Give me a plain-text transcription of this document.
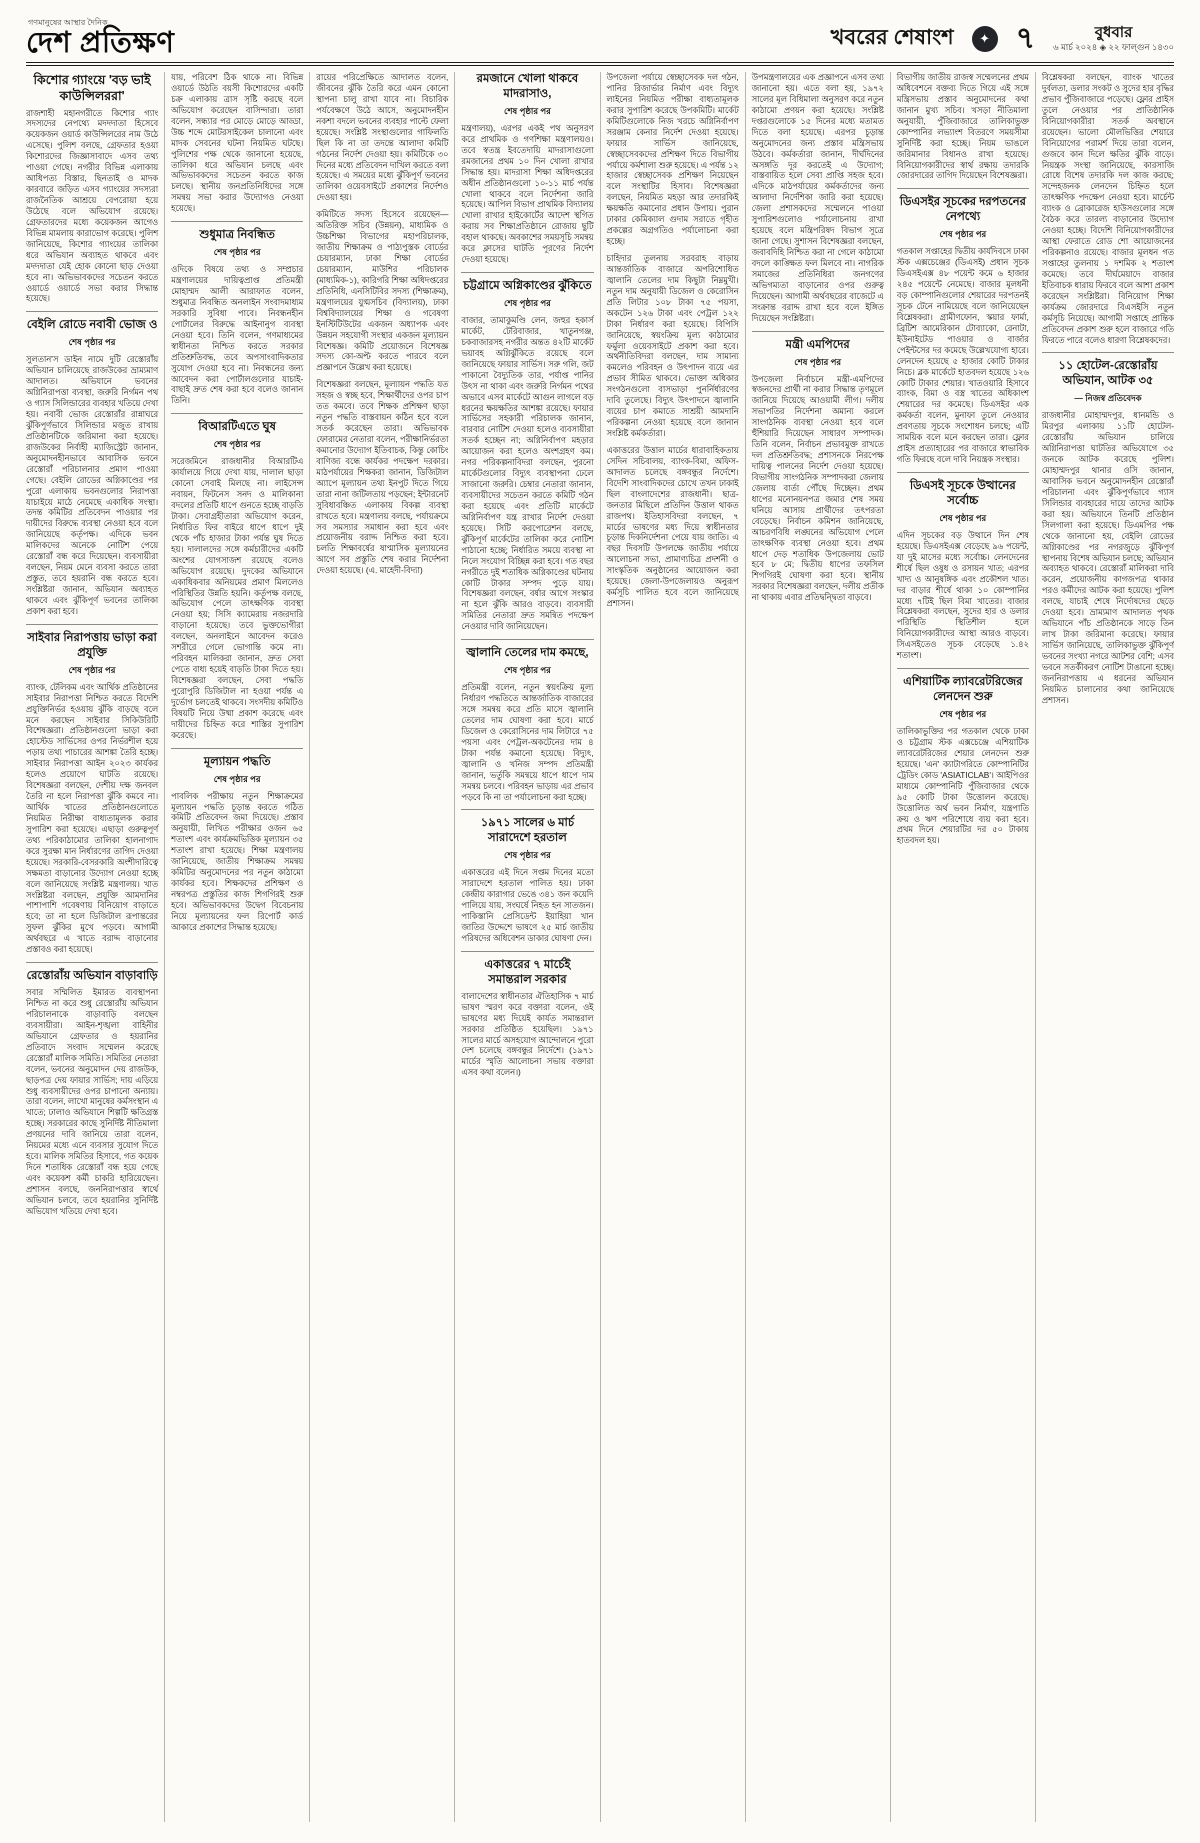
গণমানুষের আস্থার দৈনিক
দেশ প্রতিক্ষণ	খবরের শেষাংশ	✦ ৭	বুধবার
৬ মার্চ ২০২৪ ◈ ২২ ফাল্গুন ১৪৩০
কিশোর গ্যাংয়ে 'বড় ভাই কাউন্সিলররা'

রাজশাহী মহানগরীতে কিশোর গ্যাং সদস্যদের নেপথ্যে মদদদাতা হিসেবে কয়েকজন ওয়ার্ড কাউন্সিলরের নাম উঠে এসেছে। পুলিশ বলছে, গ্রেফতার হওয়া কিশোরদের জিজ্ঞাসাবাদে এসব তথ্য পাওয়া গেছে। নগরীর বিভিন্ন এলাকায় আধিপত্য বিস্তার, ছিনতাই ও মাদক কারবারে জড়িত এসব গ্যাংয়ের সদস্যরা রাজনৈতিক আশ্রয়ে বেপরোয়া হয়ে উঠেছে বলে অভিযোগ রয়েছে। গ্রেফতারদের মধ্যে কয়েকজন আগেও বিভিন্ন মামলায় কারাভোগ করেছে। পুলিশ জানিয়েছে, কিশোর গ্যাংয়ের তালিকা ধরে অভিযান অব্যাহত থাকবে এবং মদদদাতা যেই হোক কোনো ছাড় দেওয়া হবে না। অভিভাবকদের সচেতন করতে ওয়ার্ডে ওয়ার্ডে সভা করার সিদ্ধান্ত হয়েছে।

বেইলি রোডে নবাবী ভোজ ও

শেষ পৃষ্ঠার পর

সুলতান'স ডাইন নামে দুটি রেস্তোরাঁয় অভিযান চালিয়েছে রাজউকের ভ্রাম্যমাণ আদালত। অভিযানে ভবনের অগ্নিনিরাপত্তা ব্যবস্থা, জরুরি নির্গমন পথ ও গ্যাস সিলিন্ডারের ব্যবহার খতিয়ে দেখা হয়। নবাবী ভোজ রেস্তোরাঁর রান্নাঘরে ঝুঁকিপূর্ণভাবে সিলিন্ডার মজুত রাখায় প্রতিষ্ঠানটিকে জরিমানা করা হয়েছে। রাজউকের নির্বাহী ম্যাজিস্ট্রেট জানান, অনুমোদনহীনভাবে আবাসিক ভবনে রেস্তোরাঁ পরিচালনার প্রমাণ পাওয়া গেছে। বেইলি রোডের অগ্নিকাণ্ডের পর পুরো এলাকায় ভবনগুলোর নিরাপত্তা যাচাইয়ে মাঠে নেমেছে একাধিক সংস্থা। তদন্ত কমিটির প্রতিবেদন পাওয়ার পর দায়ীদের বিরুদ্ধে ব্যবস্থা নেওয়া হবে বলে জানিয়েছে কর্তৃপক্ষ। এদিকে ভবন মালিকদের অনেকে নোটিশ পেয়ে রেস্তোরাঁ বন্ধ করে দিয়েছেন। ব্যবসায়ীরা বলছেন, নিয়ম মেনে ব্যবসা করতে তারা প্রস্তুত, তবে হয়রানি বন্ধ করতে হবে। সংশ্লিষ্টরা জানান, অভিযান অব্যাহত থাকবে এবং ঝুঁকিপূর্ণ ভবনের তালিকা প্রকাশ করা হবে।

সাইবার নিরাপত্তায় ভাড়া করা প্রযুক্তি

শেষ পৃষ্ঠার পর

ব্যাংক, টেলিকম এবং আর্থিক প্রতিষ্ঠানের সাইবার নিরাপত্তা নিশ্চিত করতে বিদেশি প্রযুক্তিনির্ভর হওয়ায় ঝুঁকি বাড়ছে বলে মনে করছেন সাইবার সিকিউরিটি বিশেষজ্ঞরা। প্রতিষ্ঠানগুলো ভাড়া করা হোস্টেড সার্ভিসের ওপর নির্ভরশীল হয়ে পড়ায় তথ্য পাচারের আশঙ্কা তৈরি হচ্ছে। সাইবার নিরাপত্তা আইন ২০২৩ কার্যকর হলেও প্রয়োগে ঘাটতি রয়েছে। বিশেষজ্ঞরা বলছেন, দেশীয় দক্ষ জনবল তৈরি না হলে নিরাপত্তা ঝুঁকি কমবে না। আর্থিক খাতের প্রতিষ্ঠানগুলোতে নিয়মিত নিরীক্ষা বাধ্যতামূলক করার সুপারিশ করা হয়েছে। এছাড়া গুরুত্বপূর্ণ তথ্য পরিকাঠামোর তালিকা হালনাগাদ করে সুরক্ষা মান নির্ধারণের তাগিদ দেওয়া হয়েছে। সরকারি-বেসরকারি অংশীদারিত্বে সক্ষমতা বাড়ানোর উদ্যোগ নেওয়া হচ্ছে বলে জানিয়েছে সংশ্লিষ্ট মন্ত্রণালয়। খাত সংশ্লিষ্টরা বলছেন, প্রযুক্তি আমদানির পাশাপাশি গবেষণায় বিনিয়োগ বাড়াতে হবে; তা না হলে ডিজিটাল রূপান্তরের সুফল ঝুঁকির মুখে পড়বে। আগামী অর্থবছরে এ খাতে বরাদ্দ বাড়ানোর প্রস্তাবও করা হয়েছে।

রেস্তোরাঁয় অভিযান বাড়াবাড়ি

সবার সম্মিলিত ইমারত ব্যবস্থাপনা নিশ্চিত না করে শুধু রেস্তোরাঁয় অভিযান পরিচালনাকে বাড়াবাড়ি বলছেন ব্যবসায়ীরা। আইন-শৃঙ্খলা বাহিনীর অভিযানে গ্রেফতার ও হয়রানির প্রতিবাদে সংবাদ সম্মেলন করেছে রেস্তোরাঁ মালিক সমিতি। সমিতির নেতারা বলেন, ভবনের অনুমোদন দেয় রাজউক, ছাড়পত্র দেয় ফায়ার সার্ভিস; দায় এড়িয়ে শুধু ব্যবসায়ীদের ওপর চাপানো অন্যায়। তারা বলেন, লাখো মানুষের কর্মসংস্থান এ খাতে; ঢালাও অভিযানে শিল্পটি ক্ষতিগ্রস্ত হচ্ছে। সরকারের কাছে সুনির্দিষ্ট নীতিমালা প্রণয়নের দাবি জানিয়ে তারা বলেন, নিয়মের মধ্যে এনে ব্যবসার সুযোগ দিতে হবে। মালিক সমিতির হিসাবে, গত কয়েক দিনে শতাধিক রেস্তোরাঁ বন্ধ হয়ে গেছে এবং কয়েকশ কর্মী চাকরি হারিয়েছেন। প্রশাসন বলছে, জননিরাপত্তার স্বার্থে অভিযান চলবে, তবে হয়রানির সুনির্দিষ্ট অভিযোগ খতিয়ে দেখা হবে।

যায়, পরিবেশ ঠিক থাকে না। বিভিন্ন ওয়ার্ডে উঠতি বয়সী কিশোরদের একটি চক্র এলাকায় ত্রাস সৃষ্টি করছে বলে অভিযোগ করেছেন বাসিন্দারা। তারা বলেন, সন্ধ্যার পর মোড়ে মোড়ে আড্ডা, উচ্চ শব্দে মোটরসাইকেল চালানো এবং মাদক সেবনের ঘটনা নিয়মিত ঘটছে। পুলিশের পক্ষ থেকে জানানো হয়েছে, তালিকা ধরে অভিযান চলছে এবং অভিভাবকদের সচেতন করতে কাজ চলছে। স্থানীয় জনপ্রতিনিধিদের সঙ্গে সমন্বয় সভা করার উদ্যোগও নেওয়া হয়েছে।

শুধুমাত্র নিবন্ধিত

শেষ পৃষ্ঠার পর

ওদিকে বিষয়ে তথ্য ও সম্প্রচার মন্ত্রণালয়ের দায়িত্বপ্রাপ্ত প্রতিমন্ত্রী মোহাম্মদ আলী আরাফাত বলেন, শুধুমাত্র নিবন্ধিত অনলাইন সংবাদমাধ্যম সরকারি সুবিধা পাবে। নিবন্ধনহীন পোর্টালের বিরুদ্ধে আইনানুগ ব্যবস্থা নেওয়া হবে। তিনি বলেন, গণমাধ্যমের স্বাধীনতা নিশ্চিত করতে সরকার প্রতিশ্রুতিবদ্ধ, তবে অপসাংবাদিকতার সুযোগ দেওয়া হবে না। নিবন্ধনের জন্য আবেদন করা পোর্টালগুলোর যাচাই-বাছাই দ্রুত শেষ করা হবে বলেও জানান তিনি।

বিআরটিএতে ঘুষ

শেষ পৃষ্ঠার পর

সরেজমিনে রাজধানীর বিআরটিএ কার্যালয়ে গিয়ে দেখা যায়, দালাল ছাড়া কোনো সেবাই মিলছে না। লাইসেন্স নবায়ন, ফিটনেস সনদ ও মালিকানা বদলের প্রতিটি ধাপে গুনতে হচ্ছে বাড়তি টাকা। সেবাগ্রহীতারা অভিযোগ করেন, নির্ধারিত ফির বাইরে ধাপে ধাপে দুই থেকে পাঁচ হাজার টাকা পর্যন্ত ঘুষ দিতে হয়। দালালদের সঙ্গে কর্মচারীদের একটি অংশের যোগসাজশ রয়েছে বলেও অভিযোগ রয়েছে। দুদকের অভিযানে একাধিকবার অনিয়মের প্রমাণ মিললেও পরিস্থিতির উন্নতি হয়নি। কর্তৃপক্ষ বলছে, অভিযোগ পেলে তাৎক্ষণিক ব্যবস্থা নেওয়া হয়; সিসি ক্যামেরায় নজরদারি বাড়ানো হয়েছে। তবে ভুক্তভোগীরা বলছেন, অনলাইনে আবেদন করেও সশরীরে গেলে ভোগান্তি কমে না। পরিবহন মালিকরা জানান, দ্রুত সেবা পেতে বাধ্য হয়েই বাড়তি টাকা দিতে হয়। বিশেষজ্ঞরা বলছেন, সেবা পদ্ধতি পুরোপুরি ডিজিটাল না হওয়া পর্যন্ত এ দুর্ভোগ চলতেই থাকবে। সংসদীয় কমিটিও বিষয়টি নিয়ে উষ্মা প্রকাশ করেছে এবং দায়ীদের চিহ্নিত করে শাস্তির সুপারিশ করেছে।

মূল্যায়ন পদ্ধতি

শেষ পৃষ্ঠার পর

পাবলিক পরীক্ষায় নতুন শিক্ষাক্রমের মূল্যায়ন পদ্ধতি চূড়ান্ত করতে গঠিত কমিটি প্রতিবেদন জমা দিয়েছে। প্রস্তাব অনুযায়ী, লিখিত পরীক্ষার ওজন ৬৫ শতাংশ এবং কার্যক্রমভিত্তিক মূল্যায়ন ৩৫ শতাংশ রাখা হয়েছে। শিক্ষা মন্ত্রণালয় জানিয়েছে, জাতীয় শিক্ষাক্রম সমন্বয় কমিটির অনুমোদনের পর নতুন কাঠামো কার্যকর হবে। শিক্ষকদের প্রশিক্ষণ ও নম্বরপত্র প্রস্তুতির কাজ শিগগিরই শুরু হবে। অভিভাবকদের উদ্বেগ বিবেচনায় নিয়ে মূল্যায়নের ফল রিপোর্ট কার্ড আকারে প্রকাশের সিদ্ধান্ত হয়েছে।

রায়ের পরিপ্রেক্ষিতে আদালত বলেন, জীবনের ঝুঁকি তৈরি করে এমন কোনো স্থাপনা চালু রাখা যাবে না। বিচারিক পর্যবেক্ষণে উঠে আসে, অনুমোদনহীন নকশা বদলে ভবনের ব্যবহার পাল্টে ফেলা হয়েছে। সংশ্লিষ্ট সংস্থাগুলোর গাফিলতি ছিল কি না তা তদন্তে আলাদা কমিটি গঠনের নির্দেশ দেওয়া হয়। কমিটিকে ৩০ দিনের মধ্যে প্রতিবেদন দাখিল করতে বলা হয়েছে। এ সময়ের মধ্যে ঝুঁকিপূর্ণ ভবনের তালিকা ওয়েবসাইটে প্রকাশের নির্দেশও দেওয়া হয়।

কমিটিতে সদস্য হিসেবে রয়েছেন— অতিরিক্ত সচিব (উন্নয়ন), মাধ্যমিক ও উচ্চশিক্ষা বিভাগের মহাপরিচালক, জাতীয় শিক্ষাক্রম ও পাঠ্যপুস্তক বোর্ডের চেয়ারম্যান, ঢাকা শিক্ষা বোর্ডের চেয়ারম্যান, মাউশির পরিচালক (মাধ্যমিক-১), কারিগরি শিক্ষা অধিদপ্তরের প্রতিনিধি, এনসিটিবির সদস্য (শিক্ষাক্রম), মন্ত্রণালয়ের যুগ্মসচিব (বিদ্যালয়), ঢাকা বিশ্ববিদ্যালয়ের শিক্ষা ও গবেষণা ইনস্টিটিউটের একজন অধ্যাপক এবং উন্নয়ন সহযোগী সংস্থার একজন মূল্যায়ন বিশেষজ্ঞ। কমিটি প্রয়োজনে বিশেষজ্ঞ সদস্য কো-অপ্ট করতে পারবে বলে প্রজ্ঞাপনে উল্লেখ করা হয়েছে।

বিশেষজ্ঞরা বলছেন, মূল্যায়ন পদ্ধতি যত সহজ ও স্বচ্ছ হবে, শিক্ষার্থীদের ওপর চাপ তত কমবে। তবে শিক্ষক প্রশিক্ষণ ছাড়া নতুন পদ্ধতি বাস্তবায়ন কঠিন হবে বলে সতর্ক করেছেন তারা। অভিভাবক ফোরামের নেতারা বলেন, পরীক্ষানির্ভরতা কমানোর উদ্যোগ ইতিবাচক, কিন্তু কোচিং বাণিজ্য বন্ধে কার্যকর পদক্ষেপ দরকার। মাঠপর্যায়ের শিক্ষকরা জানান, ডিজিটাল অ্যাপে মূল্যায়ন তথ্য ইনপুট দিতে গিয়ে তারা নানা জটিলতায় পড়ছেন; ইন্টারনেট সুবিধাবঞ্চিত এলাকায় বিকল্প ব্যবস্থা রাখতে হবে। মন্ত্রণালয় বলছে, পর্যায়ক্রমে সব সমস্যার সমাধান করা হবে এবং প্রয়োজনীয় বরাদ্দ নিশ্চিত করা হবে। চলতি শিক্ষাবর্ষের ষাণ্মাসিক মূল্যায়নের আগে সব প্রস্তুতি শেষ করার নির্দেশনা দেওয়া হয়েছে। (এ. মাহেদী-বিদ্যা)

রমজানে খোলা থাকবে মাদরাসাও,

শেষ পৃষ্ঠার পর

মন্ত্রণালয়), এরপর একই পথ অনুসরণ করে প্রাথমিক ও গণশিক্ষা মন্ত্রণালয়ও। তবে স্বতন্ত্র ইবতেদায়ি মাদরাসাগুলো রমজানের প্রথম ১০ দিন খোলা রাখার সিদ্ধান্ত হয়। মাদরাসা শিক্ষা অধিদপ্তরের অধীন প্রতিষ্ঠানগুলো ১০-১১ মার্চ পর্যন্ত খোলা থাকবে বলে নির্দেশনা জারি হয়েছে। আপিল বিভাগ প্রাথমিক বিদ্যালয় খোলা রাখার হাইকোর্টের আদেশ স্থগিত করায় সব শিক্ষাপ্রতিষ্ঠানে রোজায় ছুটি বহাল থাকছে। অবকাশের সময়সূচি সমন্বয় করে ক্লাসের ঘাটতি পূরণের নির্দেশ দেওয়া হয়েছে।

চট্টগ্রামে অগ্নিকাণ্ডের ঝুঁকিতে

শেষ পৃষ্ঠার পর

বাজার, তামাকুমণ্ডি লেন, জহুর হকার্স মার্কেট, টেরিবাজার, খাতুনগঞ্জ, চকবাজারসহ নগরীর অন্তত ৪২টি মার্কেট ভয়াবহ অগ্নিঝুঁকিতে রয়েছে বলে জানিয়েছে ফায়ার সার্ভিস। সরু গলি, জট পাকানো বৈদ্যুতিক তার, পর্যাপ্ত পানির উৎস না থাকা এবং জরুরি নির্গমন পথের অভাবে এসব মার্কেটে আগুন লাগলে বড় ধরনের ক্ষয়ক্ষতির আশঙ্কা রয়েছে। ফায়ার সার্ভিসের সহকারী পরিচালক জানান, বারবার নোটিশ দেওয়া হলেও ব্যবসায়ীরা সতর্ক হচ্ছেন না; অগ্নিনির্বাপণ মহড়ার আয়োজন করা হলেও অংশগ্রহণ কম। নগর পরিকল্পনাবিদরা বলছেন, পুরনো মার্কেটগুলোর বিদ্যুৎ ব্যবস্থাপনা ঢেলে সাজানো জরুরি। চেম্বার নেতারা জানান, ব্যবসায়ীদের সচেতন করতে কমিটি গঠন করা হয়েছে এবং প্রতিটি মার্কেটে অগ্নিনির্বাপণ যন্ত্র রাখার নির্দেশ দেওয়া হয়েছে। সিটি করপোরেশন বলছে, ঝুঁকিপূর্ণ মার্কেটের তালিকা করে নোটিশ পাঠানো হচ্ছে; নির্ধারিত সময়ে ব্যবস্থা না নিলে সংযোগ বিচ্ছিন্ন করা হবে। গত বছর নগরীতে দুই শতাধিক অগ্নিকাণ্ডের ঘটনায় কোটি টাকার সম্পদ পুড়ে যায়। বিশেষজ্ঞরা বলছেন, বর্ষার আগে সংস্কার না হলে ঝুঁকি আরও বাড়বে। ব্যবসায়ী সমিতির নেতারা দ্রুত সমন্বিত পদক্ষেপ নেওয়ার দাবি জানিয়েছেন।

জ্বালানি তেলের দাম কমছে,

শেষ পৃষ্ঠার পর

প্রতিমন্ত্রী বলেন, নতুন স্বয়ংক্রিয় মূল্য নির্ধারণ পদ্ধতিতে আন্তর্জাতিক বাজারের সঙ্গে সমন্বয় করে প্রতি মাসে জ্বালানি তেলের দাম ঘোষণা করা হবে। মার্চে ডিজেল ও কেরোসিনের দাম লিটারে ৭৫ পয়সা এবং পেট্রল-অকটেনের দাম ৪ টাকা পর্যন্ত কমানো হয়েছে। বিদ্যুৎ, জ্বালানি ও খনিজ সম্পদ প্রতিমন্ত্রী জানান, ভর্তুকি সমন্বয়ে ধাপে ধাপে দাম সমন্বয় চলবে। পরিবহন ভাড়ায় এর প্রভাব পড়বে কি না তা পর্যালোচনা করা হচ্ছে।

১৯৭১ সালের ৬ মার্চ সারাদেশে হরতাল

শেষ পৃষ্ঠার পর

একাত্তরের এই দিনে সপ্তম দিনের মতো সারাদেশে হরতাল পালিত হয়। ঢাকা কেন্দ্রীয় কারাগার ভেঙে ৩৪১ জন কয়েদি পালিয়ে যায়, সংঘর্ষে নিহত হন সাতজন। পাকিস্তানি প্রেসিডেন্ট ইয়াহিয়া খান জাতির উদ্দেশে ভাষণে ২৫ মার্চ জাতীয় পরিষদের অধিবেশন ডাকার ঘোষণা দেন।

একাত্তরের ৭ মার্চেই সমান্তরাল সরকার

বালাদেশের স্বাধীনতার ঐতিহাসিক ৭ মার্চ ভাষণ স্মরণ করে বক্তারা বলেন, ওই ভাষণের মধ্য দিয়েই কার্যত সমান্তরাল সরকার প্রতিষ্ঠিত হয়েছিল। ১৯৭১ সালের মার্চে অসহযোগ আন্দোলনে পুরো দেশ চলেছে বঙ্গবন্ধুর নির্দেশে। (১৯৭১ মার্চের স্মৃতি আলোচনা সভায় বক্তারা এসব কথা বলেন।)

উপজেলা পর্যায়ে স্বেচ্ছাসেবক দল গঠন, পানির রিজার্ভার নির্মাণ এবং বিদ্যুৎ লাইনের নিয়মিত পরীক্ষা বাধ্যতামূলক করার সুপারিশ করেছে উপকমিটি। মার্কেট কমিটিগুলোকে নিজ খরচে অগ্নিনির্বাপণ সরঞ্জাম কেনার নির্দেশ দেওয়া হয়েছে। ফায়ার সার্ভিস জানিয়েছে, স্বেচ্ছাসেবকদের প্রশিক্ষণ দিতে বিভাগীয় পর্যায়ে কর্মশালা শুরু হয়েছে। এ পর্যন্ত ১২ হাজার স্বেচ্ছাসেবক প্রশিক্ষণ নিয়েছেন বলে সংস্থাটির হিসাব। বিশেষজ্ঞরা বলছেন, নিয়মিত মহড়া আর তদারকিই ক্ষয়ক্ষতি কমানোর প্রধান উপায়। পুরান ঢাকার কেমিক্যাল গুদাম সরাতে গৃহীত প্রকল্পের অগ্রগতিও পর্যালোচনা করা হচ্ছে।

চাহিদার তুলনায় সরবরাহ বাড়ায় আন্তর্জাতিক বাজারে অপরিশোধিত জ্বালানি তেলের দাম কিছুটা নিম্নমুখী। নতুন দাম অনুযায়ী ডিজেল ও কেরোসিন প্রতি লিটার ১০৮ টাকা ৭৫ পয়সা, অকটেন ১২৬ টাকা এবং পেট্রল ১২২ টাকা নির্ধারণ করা হয়েছে। বিপিসি জানিয়েছে, স্বয়ংক্রিয় মূল্য কাঠামোর ফর্মুলা ওয়েবসাইটে প্রকাশ করা হবে। অর্থনীতিবিদরা বলছেন, দাম সামান্য কমলেও পরিবহন ও উৎপাদন ব্যয়ে এর প্রভাব সীমিত থাকবে। ভোক্তা অধিকার সংগঠনগুলো বাসভাড়া পুনর্নির্ধারণের দাবি তুলেছে। বিদ্যুৎ উৎপাদনে জ্বালানি ব্যয়ের চাপ কমাতে সাশ্রয়ী আমদানি পরিকল্পনা নেওয়া হয়েছে বলে জানান সংশ্লিষ্ট কর্মকর্তারা।

একাত্তরের উত্তাল মার্চের ধারাবাহিকতায় সেদিন সচিবালয়, ব্যাংক-বিমা, অফিস-আদালত চলেছে বঙ্গবন্ধুর নির্দেশে। বিদেশি সাংবাদিকদের চোখে তখন ঢাকাই ছিল বাংলাদেশের রাজধানী। ছাত্র-জনতার মিছিলে প্রতিদিন উত্তাল থাকত রাজপথ। ইতিহাসবিদরা বলছেন, ৭ মার্চের ভাষণের মধ্য দিয়ে স্বাধীনতার চূড়ান্ত দিকনির্দেশনা পেয়ে যায় জাতি। এ বছর দিবসটি উপলক্ষে জাতীয় পর্যায়ে আলোচনা সভা, প্রামাণ্যচিত্র প্রদর্শনী ও সাংস্কৃতিক অনুষ্ঠানের আয়োজন করা হয়েছে। জেলা-উপজেলায়ও অনুরূপ কর্মসূচি পালিত হবে বলে জানিয়েছে প্রশাসন।

উপমন্ত্রণালয়ের এক প্রজ্ঞাপনে এসব তথ্য জানানো হয়। এতে বলা হয়, ১৯৭২ সালের মূল বিধিমালা অনুসরণ করে নতুন কাঠামো প্রণয়ন করা হয়েছে। সংশ্লিষ্ট দপ্তরগুলোকে ১৫ দিনের মধ্যে মতামত দিতে বলা হয়েছে। এরপর চূড়ান্ত অনুমোদনের জন্য প্রস্তাব মন্ত্রিসভায় উঠবে। কর্মকর্তারা জানান, দীর্ঘদিনের অসঙ্গতি দূর করতেই এ উদ্যোগ; বাস্তবায়িত হলে সেবা প্রাপ্তি সহজ হবে। এদিকে মাঠপর্যায়ের কর্মকর্তাদের জন্য আলাদা নির্দেশিকা জারি করা হয়েছে। জেলা প্রশাসকদের সম্মেলনে পাওয়া সুপারিশগুলোও পর্যালোচনায় রাখা হয়েছে বলে মন্ত্রিপরিষদ বিভাগ সূত্রে জানা গেছে। সুশাসন বিশেষজ্ঞরা বলছেন, জবাবদিহি নিশ্চিত করা না গেলে কাঠামো বদলে কাঙ্ক্ষিত ফল মিলবে না। নাগরিক সমাজের প্রতিনিধিরা জনগণের অভিগম্যতা বাড়ানোর ওপর গুরুত্ব দিয়েছেন। আগামী অর্থবছরের বাজেটে এ সংক্রান্ত বরাদ্দ রাখা হবে বলে ইঙ্গিত দিয়েছেন সংশ্লিষ্টরা।

মন্ত্রী এমপিদের

শেষ পৃষ্ঠার পর

উপজেলা নির্বাচনে মন্ত্রী-এমপিদের স্বজনদের প্রার্থী না করার সিদ্ধান্ত তৃণমূলে জানিয়ে দিয়েছে আওয়ামী লীগ। দলীয় সভাপতির নির্দেশনা অমান্য করলে সাংগঠনিক ব্যবস্থা নেওয়া হবে বলে হুঁশিয়ারি দিয়েছেন সাধারণ সম্পাদক। তিনি বলেন, নির্বাচন প্রভাবমুক্ত রাখতে দল প্রতিশ্রুতিবদ্ধ; প্রশাসনকে নিরপেক্ষ দায়িত্ব পালনের নির্দেশ দেওয়া হয়েছে। বিভাগীয় সাংগঠনিক সম্পাদকরা জেলায় জেলায় বার্তা পৌঁছে দিচ্ছেন। প্রথম ধাপের মনোনয়নপত্র জমার শেষ সময় ঘনিয়ে আসায় প্রার্থীদের তৎপরতা বেড়েছে। নির্বাচন কমিশন জানিয়েছে, আচরণবিধি লঙ্ঘনের অভিযোগ পেলে তাৎক্ষণিক ব্যবস্থা নেওয়া হবে। প্রথম ধাপে দেড় শতাধিক উপজেলায় ভোট হবে ৮ মে; দ্বিতীয় ধাপের তফসিল শিগগিরই ঘোষণা করা হবে। স্থানীয় সরকার বিশেষজ্ঞরা বলছেন, দলীয় প্রতীক না থাকায় এবার প্রতিদ্বন্দ্বিতা বাড়বে।

বিভাগীয় জাতীয় রাজস্ব সম্মেলনের প্রথম অধিবেশনে বক্তব্য দিতে গিয়ে এই সঙ্গে মন্ত্রিসভায় প্রস্তাব অনুমোদনের কথা জানান মুখ্য সচিব। খসড়া নীতিমালা অনুযায়ী, পুঁজিবাজারে তালিকাভুক্ত কোম্পানির লভ্যাংশ বিতরণে সময়সীমা সুনির্দিষ্ট করা হচ্ছে। নিয়ম ভাঙলে জরিমানার বিধানও রাখা হয়েছে। বিনিয়োগকারীদের স্বার্থ রক্ষায় তদারকি জোরদারের তাগিদ দিয়েছেন বিশেষজ্ঞরা।

ডিএসইর সূচকের দরপতনের নেপথ্যে

শেষ পৃষ্ঠার পর

গতকাল সপ্তাহের দ্বিতীয় কার্যদিবসে ঢাকা স্টক এক্সচেঞ্জের (ডিএসই) প্রধান সূচক ডিএসইএক্স ৪৮ পয়েন্ট কমে ৬ হাজার ২৪৫ পয়েন্টে নেমেছে। বাজার মূলধনী বড় কোম্পানিগুলোর শেয়ারের দরপতনই সূচক টেনে নামিয়েছে বলে জানিয়েছেন বিশ্লেষকরা। গ্রামীণফোন, স্কয়ার ফার্মা, ব্রিটিশ আমেরিকান টোব্যাকো, রেনাটা, ইউনাইটেড পাওয়ার ও বার্জার পেইন্টসের দর কমেছে উল্লেখযোগ্য হারে। লেনদেন হয়েছে ৫ হাজার কোটি টাকার নিচে। ব্লক মার্কেটে হাতবদল হয়েছে ১২৬ কোটি টাকার শেয়ার। খাতওয়ারি হিসাবে ব্যাংক, বিমা ও বস্ত্র খাতের অধিকাংশ শেয়ারের দর কমেছে। ডিএসইর এক কর্মকর্তা বলেন, মুনাফা তুলে নেওয়ার প্রবণতায় সূচকে সংশোধন চলছে; এটি সাময়িক বলে মনে করছেন তারা। ফ্লোর প্রাইস প্রত্যাহারের পর বাজারে স্বাভাবিক গতি ফিরছে বলে দাবি নিয়ন্ত্রক সংস্থার।

ডিএসই সূচকে উত্থানের সর্বোচ্চ

শেষ পৃষ্ঠার পর

এদিন সূচকের বড় উত্থানে দিন শেষ হয়েছে। ডিএসইএক্স বেড়েছে ৯৬ পয়েন্ট, যা দুই মাসের মধ্যে সর্বোচ্চ। লেনদেনের শীর্ষে ছিল ওষুধ ও রসায়ন খাত; এরপর খাদ্য ও আনুষঙ্গিক এবং প্রকৌশল খাত। দর বাড়ার শীর্ষে থাকা ১০ কোম্পানির মধ্যে ৭টিই ছিল বিমা খাতের। বাজার বিশ্লেষকরা বলছেন, সুদের হার ও ডলার পরিস্থিতি স্থিতিশীল হলে বিনিয়োগকারীদের আস্থা আরও বাড়বে। সিএসইতেও সূচক বেড়েছে ১.৪২ শতাংশ।

এশিয়াটিক ল্যাবরেটরিজের লেনদেন শুরু

শেষ পৃষ্ঠার পর

তালিকাভুক্তির পর গতকাল থেকে ঢাকা ও চট্টগ্রাম স্টক এক্সচেঞ্জে এশিয়াটিক ল্যাবরেটরিজের শেয়ার লেনদেন শুরু হয়েছে। 'এন' ক্যাটাগরিতে কোম্পানিটির ট্রেডিং কোড 'ASIATICLAB'। আইপিওর মাধ্যমে কোম্পানিটি পুঁজিবাজার থেকে ৯৫ কোটি টাকা উত্তোলন করেছে। উত্তোলিত অর্থ ভবন নির্মাণ, যন্ত্রপাতি ক্রয় ও ঋণ পরিশোধে ব্যয় করা হবে। প্রথম দিনে শেয়ারটির দর ৫০ টাকায় হাতবদল হয়।

বিশ্লেষকরা বলছেন, ব্যাংক খাতের দুর্বলতা, ডলার সংকট ও সুদের হার বৃদ্ধির প্রভাব পুঁজিবাজারে পড়েছে। ফ্লোর প্রাইস তুলে নেওয়ার পর প্রাতিষ্ঠানিক বিনিয়োগকারীরা সতর্ক অবস্থানে রয়েছেন। ভালো মৌলভিত্তির শেয়ারে বিনিয়োগের পরামর্শ দিয়ে তারা বলেন, গুজবে কান দিলে ক্ষতির ঝুঁকি বাড়ে। নিয়ন্ত্রক সংস্থা জানিয়েছে, কারসাজি রোধে বিশেষ তদারকি দল কাজ করছে; সন্দেহজনক লেনদেন চিহ্নিত হলে তাৎক্ষণিক পদক্ষেপ নেওয়া হবে। মার্চেন্ট ব্যাংক ও ব্রোকারেজ হাউসগুলোর সঙ্গে বৈঠক করে তারল্য বাড়ানোর উদ্যোগ নেওয়া হচ্ছে। বিদেশি বিনিয়োগকারীদের আস্থা ফেরাতে রোড শো আয়োজনের পরিকল্পনাও রয়েছে। বাজার মূলধন গত সপ্তাহের তুলনায় ১ দশমিক ২ শতাংশ কমেছে। তবে দীর্ঘমেয়াদে বাজার ইতিবাচক ধারায় ফিরবে বলে আশা প্রকাশ করেছেন সংশ্লিষ্টরা। বিনিয়োগ শিক্ষা কার্যক্রম জোরদারে বিএসইসি নতুন কর্মসূচি নিয়েছে। আগামী সপ্তাহে প্রান্তিক প্রতিবেদন প্রকাশ শুরু হলে বাজারে গতি ফিরতে পারে বলেও ধারণা বিশ্লেষকদের।

১১ হোটেল-রেস্তোরাঁয় অভিযান, আটক ৩৫

— নিজস্ব প্রতিবেদক

রাজধানীর মোহাম্মদপুর, ধানমন্ডি ও মিরপুর এলাকায় ১১টি হোটেল-রেস্তোরাঁয় অভিযান চালিয়ে অগ্নিনিরাপত্তা ঘাটতির অভিযোগে ৩৫ জনকে আটক করেছে পুলিশ। মোহাম্মদপুর থানার ওসি জানান, আবাসিক ভবনে অনুমোদনহীন রেস্তোরাঁ পরিচালনা এবং ঝুঁকিপূর্ণভাবে গ্যাস সিলিন্ডার ব্যবহারের দায়ে তাদের আটক করা হয়। অভিযানে তিনটি প্রতিষ্ঠান সিলগালা করা হয়েছে। ডিএমপির পক্ষ থেকে জানানো হয়, বেইলি রোডের অগ্নিকাণ্ডের পর নগরজুড়ে ঝুঁকিপূর্ণ স্থাপনায় বিশেষ অভিযান চলছে; অভিযান অব্যাহত থাকবে। রেস্তোরাঁ মালিকরা দাবি করেন, প্রয়োজনীয় কাগজপত্র থাকার পরও কর্মীদের আটক করা হয়েছে। পুলিশ বলছে, যাচাই শেষে নির্দোষদের ছেড়ে দেওয়া হবে। ভ্রাম্যমাণ আদালত পৃথক অভিযানে পাঁচ প্রতিষ্ঠানকে সাড়ে তিন লাখ টাকা জরিমানা করেছে। ফায়ার সার্ভিস জানিয়েছে, তালিকাভুক্ত ঝুঁকিপূর্ণ ভবনের সংখ্যা নগরে আটশর বেশি; এসব ভবনে সতর্কীকরণ নোটিশ টাঙানো হচ্ছে। জননিরাপত্তায় এ ধরনের অভিযান নিয়মিত চালানোর কথা জানিয়েছে প্রশাসন।
